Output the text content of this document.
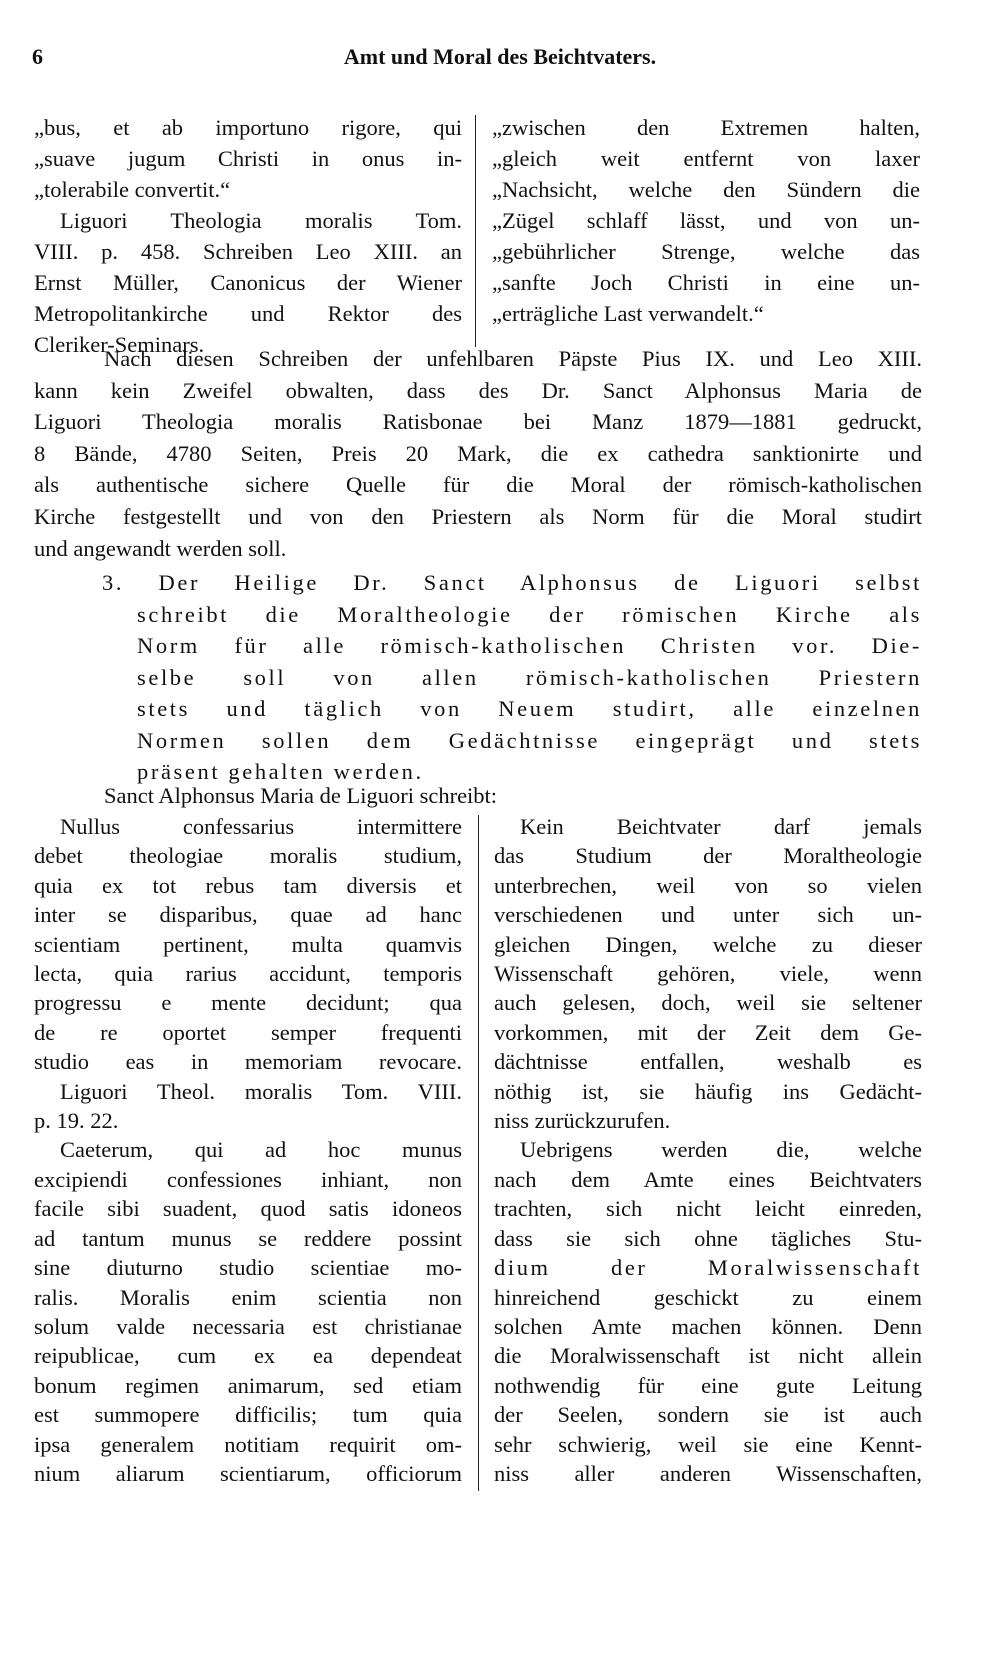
6	Amt und Moral des Beichtvaters.

„bus, et ab importuno rigore, qui

„suave jugum Christi in onus in-

„tolerabile convertit.“

Liguori Theologia moralis Tom.

VIII. p. 458. Schreiben Leo XIII. an

Ernst Müller, Canonicus der Wiener

Metropolitankirche und Rektor des

Cleriker-Seminars.

„zwischen den Extremen halten,

„gleich weit entfernt von laxer

„Nachsicht, welche den Sündern die

„Zügel schlaff lässt, und von un-

„gebührlicher Strenge, welche das

„sanfte Joch Christi in eine un-

„erträgliche Last verwandelt.“

Nach diesen Schreiben der unfehlbaren Päpste Pius IX. und Leo XIII.

kann kein Zweifel obwalten, dass des Dr. Sanct Alphonsus Maria de

Liguori Theologia moralis Ratisbonae bei Manz 1879—1881 gedruckt,

8 Bände, 4780 Seiten, Preis 20 Mark, die ex cathedra sanktionirte und

als authentische sichere Quelle für die Moral der römisch-katholischen

Kirche festgestellt und von den Priestern als Norm für die Moral studirt

und angewandt werden soll.

3. Der Heilige Dr. Sanct Alphonsus de Liguori selbst

schreibt die Moraltheologie der römischen Kirche als

Norm für alle römisch-katholischen Christen vor. Die-

selbe soll von allen römisch-katholischen Priestern

stets und täglich von Neuem studirt, alle einzelnen

Normen sollen dem Gedächtnisse eingeprägt und stets

präsent gehalten werden.

Sanct Alphonsus Maria de Liguori schreibt:

Nullus confessarius intermittere

debet theologiae moralis studium,

quia ex tot rebus tam diversis et

inter se disparibus, quae ad hanc

scientiam pertinent, multa quamvis

lecta, quia rarius accidunt, temporis

progressu e mente decidunt; qua

de re oportet semper frequenti

studio eas in memoriam revocare.

Liguori Theol. moralis Tom. VIII.

p. 19. 22.

Caeterum, qui ad hoc munus

excipiendi confessiones inhiant, non

facile sibi suadent, quod satis idoneos

ad tantum munus se reddere possint

sine diuturno studio scientiae mo-

ralis. Moralis enim scientia non

solum valde necessaria est christianae

reipublicae, cum ex ea dependeat

bonum regimen animarum, sed etiam

est summopere difficilis; tum quia

ipsa generalem notitiam requirit om-

nium aliarum scientiarum, officiorum

Kein Beichtvater darf jemals

das Studium der Moraltheologie

unterbrechen, weil von so vielen

verschiedenen und unter sich un-

gleichen Dingen, welche zu dieser

Wissenschaft gehören, viele, wenn

auch gelesen, doch, weil sie seltener

vorkommen, mit der Zeit dem Ge-

dächtnisse entfallen, weshalb es

nöthig ist, sie häufig ins Gedächt-

niss zurückzurufen.

Uebrigens werden die, welche

nach dem Amte eines Beichtvaters

trachten, sich nicht leicht einreden,

dass sie sich ohne tägliches Stu-

dium der Moralwissenschaft

hinreichend geschickt zu einem

solchen Amte machen können. Denn

die Moralwissenschaft ist nicht allein

nothwendig für eine gute Leitung

der Seelen, sondern sie ist auch

sehr schwierig, weil sie eine Kennt-

niss aller anderen Wissenschaften,
